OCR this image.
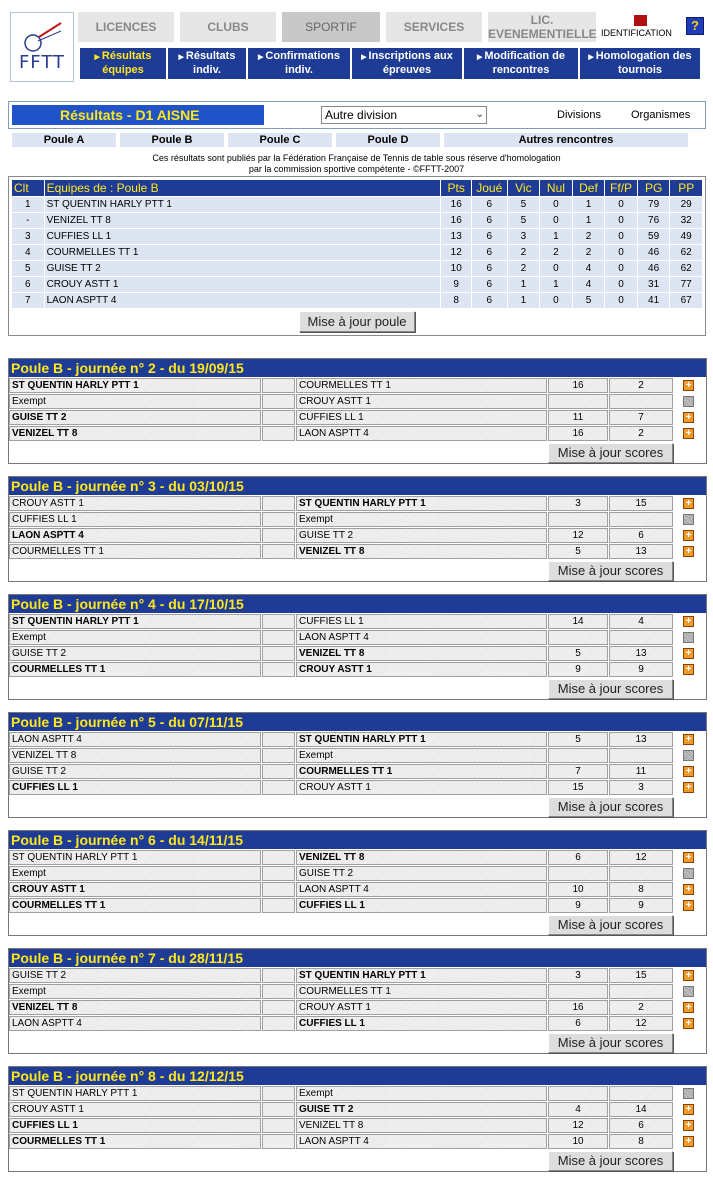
FFTT
LICENCES	CLUBS	SPORTIF	SERVICES	LIC.
EVENEMENTIELLE IDENTIFICATION	?
▶ Résultats
équipes
▶ Résultats
indiv.
▶ Confirmations
indiv.
▶ Inscriptions aux
épreuves
▶ Modification de
rencontres
▶ Homologation des
tournois
Résultats - D1 AISNE	Autre division	⌄	Divisions	Organismes
Poule A	Poule B	Poule C	Poule D	Autres rencontres
Ces résultats sont publiés par la Fédération Française de Tennis de table sous réserve d'homologation
par la commission sportive compétente - ©FFTT-2007
Clt	Equipes de : Poule B	Pts	Joué	Vic	Nul	Def	Ff/P	PG	PP
1	ST QUENTIN HARLY PTT 1	16	6	5	0	1	0	79	29
-	VENIZEL TT 8	16	6	5	0	1	0	76	32
3	CUFFIES LL 1	13	6	3	1	2	0	59	49
4	COURMELLES TT 1	12	6	2	2	2	0	46	62
5	GUISE TT 2	10	6	2	0	4	0	46	62
6	CROUY ASTT 1	9	6	1	1	4	0	31	77
7	LAON ASPTT 4	8	6	1	0	5	0	41	67
Mise à jour poule
Poule B - journée n° 2 - du 19/09/15
ST QUENTIN HARLY PTT 1	COURMELLES TT 1	16	2	+
Exempt	CROUY ASTT 1
GUISE TT 2	CUFFIES LL 1	11	7	+
VENIZEL TT 8	LAON ASPTT 4	16	2	+
Mise à jour scores
Poule B - journée n° 3 - du 03/10/15
CROUY ASTT 1	ST QUENTIN HARLY PTT 1	3	15	+
CUFFIES LL 1	Exempt
LAON ASPTT 4	GUISE TT 2	12	6	+
COURMELLES TT 1	VENIZEL TT 8	5	13	+
Mise à jour scores
Poule B - journée n° 4 - du 17/10/15
ST QUENTIN HARLY PTT 1	CUFFIES LL 1	14	4	+
Exempt	LAON ASPTT 4
GUISE TT 2	VENIZEL TT 8	5	13	+
COURMELLES TT 1	CROUY ASTT 1	9	9	+
Mise à jour scores
Poule B - journée n° 5 - du 07/11/15
LAON ASPTT 4	ST QUENTIN HARLY PTT 1	5	13	+
VENIZEL TT 8	Exempt
GUISE TT 2	COURMELLES TT 1	7	11	+
CUFFIES LL 1	CROUY ASTT 1	15	3	+
Mise à jour scores
Poule B - journée n° 6 - du 14/11/15
ST QUENTIN HARLY PTT 1	VENIZEL TT 8	6	12	+
Exempt	GUISE TT 2
CROUY ASTT 1	LAON ASPTT 4	10	8	+
COURMELLES TT 1	CUFFIES LL 1	9	9	+
Mise à jour scores
Poule B - journée n° 7 - du 28/11/15
GUISE TT 2	ST QUENTIN HARLY PTT 1	3	15	+
Exempt	COURMELLES TT 1
VENIZEL TT 8	CROUY ASTT 1	16	2	+
LAON ASPTT 4	CUFFIES LL 1	6	12	+
Mise à jour scores
Poule B - journée n° 8 - du 12/12/15
ST QUENTIN HARLY PTT 1	Exempt
CROUY ASTT 1	GUISE TT 2	4	14	+
CUFFIES LL 1	VENIZEL TT 8	12	6	+
COURMELLES TT 1	LAON ASPTT 4	10	8	+
Mise à jour scores
